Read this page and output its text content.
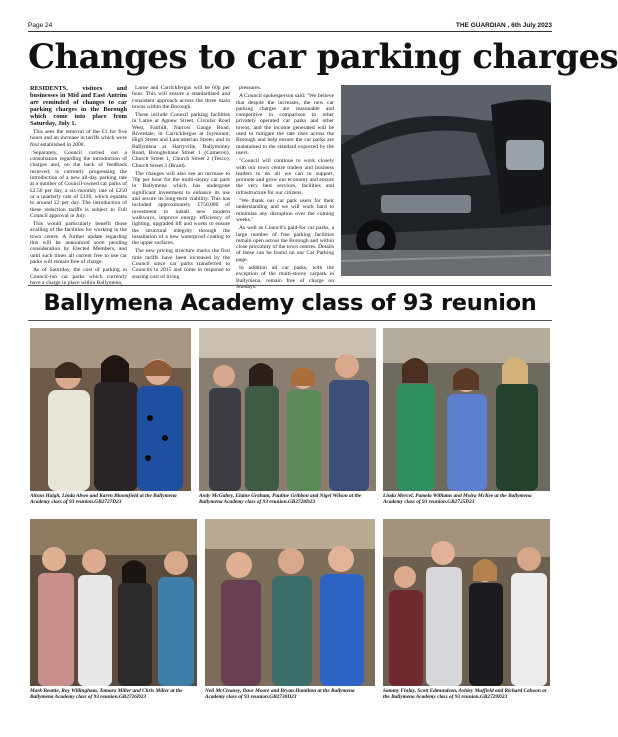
Page 24	THE GUARDIAN , 6th July 2023
Changes to car parking charges

RESIDENTS, visitors and businesses in Mid and East Antrim are reminded of changes to car parking charges in the Borough which come into place from Saturday, July 1.

This sees the removal of the £1 for five hours and an increase in tariffs which were first established in 2008.

Separately, Council carried out a consultation regarding the introduction of charges and, on the back of feedback received, is currently progressing the introduction of a new all-day parking rate at a number of Council-owned car parks of £2.50 per day, a six-monthly rate of £250 or a quarterly rate of £130, which equates to around £2 per day. The introduction of these reduction tariffs is subject to Full Council approval in July.

This would particularly benefit those availing of the facilities for working in the town centre. A further update regarding this will be announced soon pending consideration by Elected Members, and until such times all current free to use car parks will remain free of charge.

As of Saturday, the cost of parking in Council-run car parks which currently have a charge in place within Ballymena,

Larne and Carrickfergus will be 60p per hour. This will ensure a standardised and consistent approach across the three main towns within the Borough.

These include Council parking facilities in Larne at Agnew Street, Circular Road West, Fairhill, Narrow Gauge Road, Riverdale, in Carrickfergus at Joymount, High Street and Lancasterian Street, and in Ballymena at Harryville, Ballymoney Road, Broughshane Street 1 (Cameron), Church Street 1, Church Street 2 (Tesco), Church Street 3 (Braid).

The changes will also see an increase to 70p per hour for the multi-storey car park in Ballymena which has undergone significant investment to enhance its use and secure its long-term viability. This has included approximately £750,000 of investment to install new modern walkways, improve energy efficiency of lighting, upgraded lift and works to ensure the structural integrity through the installation of a new waterproof coating to the upper surfaces.

The new pricing structure marks the first time tariffs have been increased by the Council since car parks transferred to Councils in 2015 and come in response to soaring cost of living

pressures.

A Council spokesperson said: "We believe that despite the increases, the new car parking charges are reasonable and competitive in comparison to other privately operated car parks and other towns, and the income generated will be used to mitigate the rate rises across the Borough and help ensure the car parks are maintained to the standard expected by the users.

"Council will continue to work closely with our town centre traders and business leaders to do all we can to support, promote and grow our economy and ensure the very best services, facilities and infrastructure for our citizens.

"We thank our car park users for their understanding and we will work hard to minimise any disruption over the coming weeks."

As well as Council's paid-for car parks, a large number of free parking facilities remain open across the Borough and within close proximity of the town centres. Details of these can be found on our Car Parking page.

In addition all car parks, with the exception of the multi-storey carpark in Ballymena, remain free of charge on Sundays.

Ballymena Academy class of 93 reunion
Alison Haigh, Linda Abwo and Karen Bloomfield at the Ballymena Academy class of 93 reunion.GB2727D23
Andy McGahey, Elaine Graham, Pauline Gribbon and Nigel Wilson at the Ballymena Academy class of 93 reunion.GB2728D23
Linda Mercel, Pamela Williams and Moira McKee at the Ballymena Academy class of 93 reunion.GB2725D23
Mark Beattie, Roy Willingham, Tamara Miller and Chris Miller at the Ballymena Academy class of 93 reunion.GB2726D23
Neil McCleaney, Dave Moore and Bryan Hamilton at the Ballymena Academy class of 93 reunion.GB2730D23
Sammy Finlay, Scott Edmundson, Ashley Muffield and Richard Cahoon at the Ballymena Academy class of 93 reunion.GB2729D23
